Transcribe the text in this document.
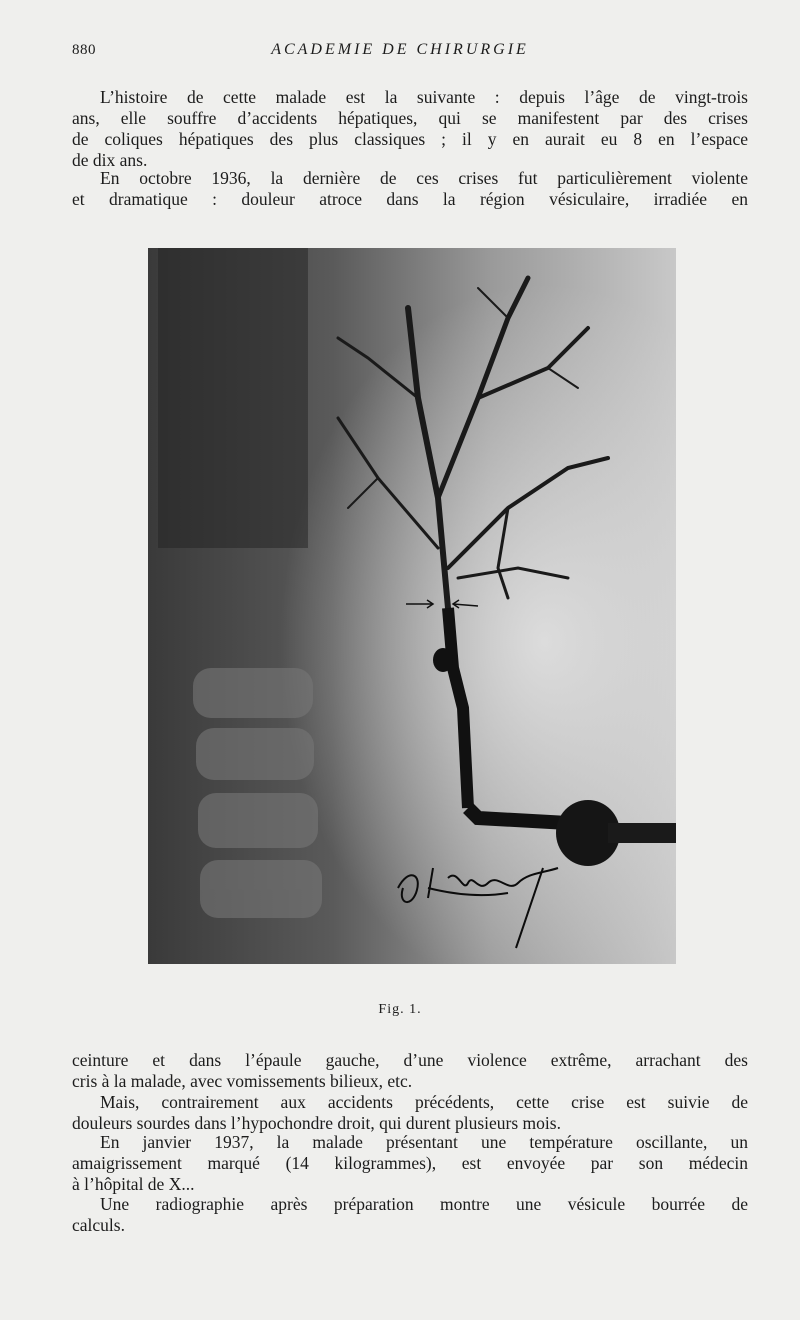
880	ACADEMIE DE CHIRURGIE
L’histoire de cette malade est la suivante : depuis l’âge de vingt-trois
ans, elle souffre d’accidents hépatiques, qui se manifestent par des crises
de coliques hépatiques des plus classiques ; il y en aurait eu 8 en l’espace
de dix ans.
En octobre 1936, la dernière de ces crises fut particulièrement violente
et dramatique : douleur atroce dans la région vésiculaire, irradiée en
Fig. 1.
ceinture et dans l’épaule gauche, d’une violence extrême, arrachant des
cris à la malade, avec vomissements bilieux, etc.
Mais, contrairement aux accidents précédents, cette crise est suivie de
douleurs sourdes dans l’hypochondre droit, qui durent plusieurs mois.
En janvier 1937, la malade présentant une température oscillante, un
amaigrissement marqué (14 kilogrammes), est envoyée par son médecin
à l’hôpital de X...
Une radiographie après préparation montre une vésicule bourrée de
calculs.
